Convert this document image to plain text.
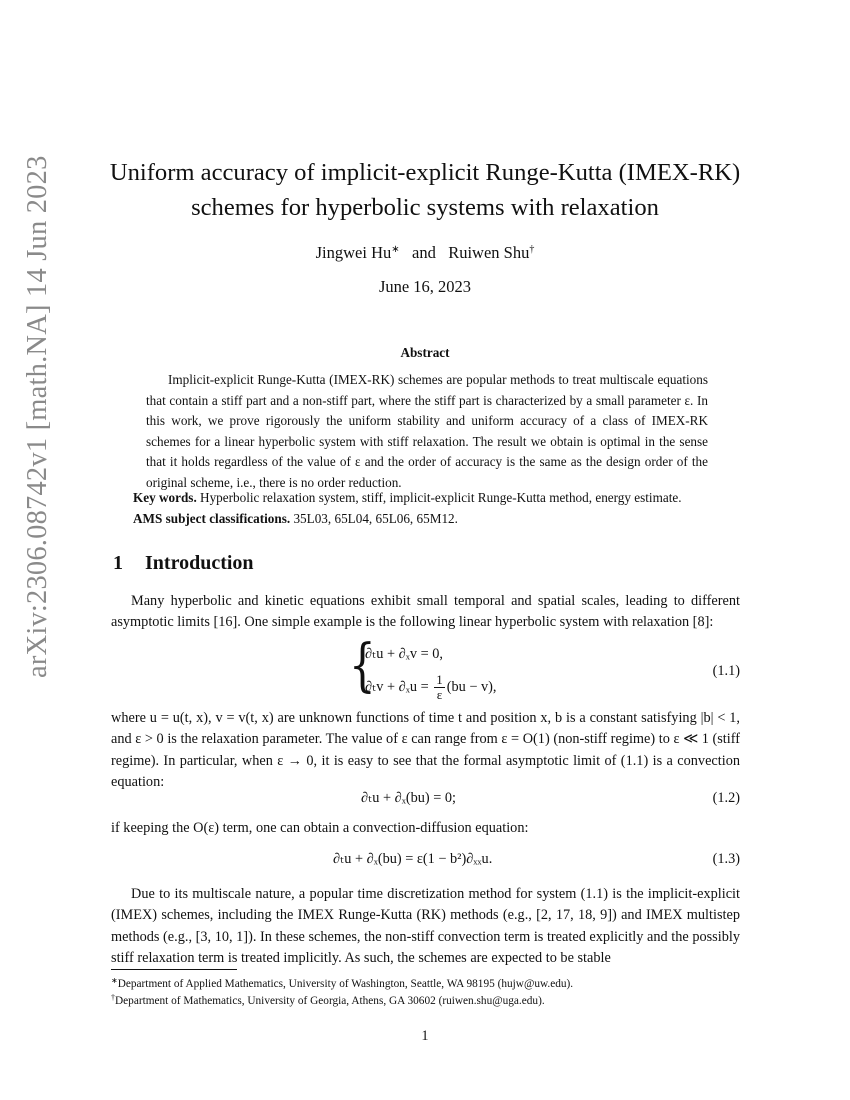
arXiv:2306.08742v1 [math.NA] 14 Jun 2023	Uniform accuracy of implicit-explicit Runge-Kutta (IMEX-RK)
schemes for hyperbolic systems with relaxation
Jingwei Hu∗ and Ruiwen Shu†
June 16, 2023
Abstract
Implicit-explicit Runge-Kutta (IMEX-RK) schemes are popular methods to treat multiscale equations that contain a stiff part and a non-stiff part, where the stiff part is characterized by a small parameter ε. In this work, we prove rigorously the uniform stability and uniform accuracy of a class of IMEX-RK schemes for a linear hyperbolic system with stiff relaxation. The result we obtain is optimal in the sense that it holds regardless of the value of ε and the order of accuracy is the same as the design order of the original scheme, i.e., there is no order reduction.
Key words. Hyperbolic relaxation system, stiff, implicit-explicit Runge-Kutta method, energy estimate.
AMS subject classifications. 35L03, 65L04, 65L06, 65M12.
1 Introduction
Many hyperbolic and kinetic equations exhibit small temporal and spatial scales, leading to different asymptotic limits [16]. One simple example is the following linear hyperbolic system with relaxation [8]:
{
∂ₜu + ∂ₓv = 0,
$\partial_tv + \partial_xu = \frac{1}{\varepsilon} (bu - v)$,
(1.1)
where u = u(t, x), v = v(t, x) are unknown functions of time t and position x, b is a constant satisfying |b| < 1, and ε > 0 is the relaxation parameter. The value of ε can range from ε = O(1) (non-stiff regime) to ε ≪ 1 (stiff regime). In particular, when ε → 0, it is easy to see that the formal asymptotic limit of (1.1) is a convection equation:
∂ₜu + ∂ₓ(bu) = 0;	(1.2)
if keeping the O(ε) term, one can obtain a convection-diffusion equation:
∂ₜu + ∂ₓ(bu) = ε(1 − b²)∂ₓₓu.	(1.3)
Due to its multiscale nature, a popular time discretization method for system (1.1) is the implicit-explicit (IMEX) schemes, including the IMEX Runge-Kutta (RK) methods (e.g., [2, 17, 18, 9]) and IMEX multistep methods (e.g., [3, 10, 1]). In these schemes, the non-stiff convection term is treated explicitly and the possibly stiff relaxation term is treated implicitly. As such, the schemes are expected to be stable
∗Department of Applied Mathematics, University of Washington, Seattle, WA 98195 (hujw@uw.edu).
†Department of Mathematics, University of Georgia, Athens, GA 30602 (ruiwen.shu@uga.edu).
1
